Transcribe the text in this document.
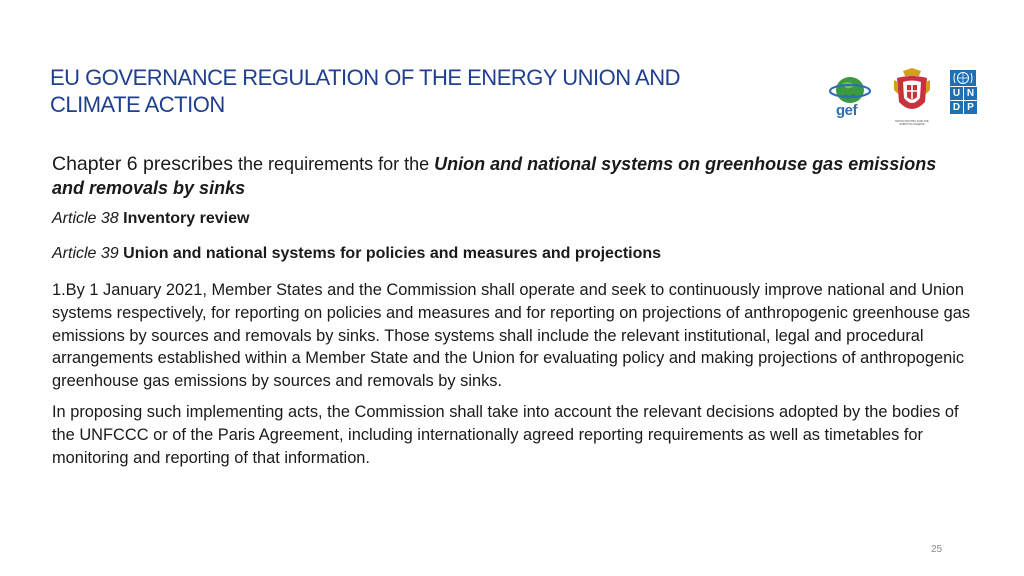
EU GOVERNANCE REGULATION OF THE ENERGY UNION AND CLIMATE ACTION	gef
МИНИСТАРСТВО ЗАШТИТЕ ЖИВОТНЕ СРЕДИНЕ
U N
D P

Chapter 6 prescribes the requirements for the Union and national systems on greenhouse gas emissions and removals by sinks

Article 38 Inventory review

Article 39 Union and national systems for policies and measures and projections

1.By 1 January 2021, Member States and the Commission shall operate and seek to continuously improve national and Union systems respectively, for reporting on policies and measures and for reporting on projections of anthropogenic greenhouse gas emissions by sources and removals by sinks. Those systems shall include the relevant institutional, legal and procedural arrangements established within a Member State and the Union for evaluating policy and making projections of anthropogenic greenhouse gas emissions by sources and removals by sinks.

In proposing such implementing acts, the Commission shall take into account the relevant decisions adopted by the bodies of the UNFCCC or of the Paris Agreement, including internationally agreed reporting requirements as well as timetables for monitoring and reporting of that information.

25
